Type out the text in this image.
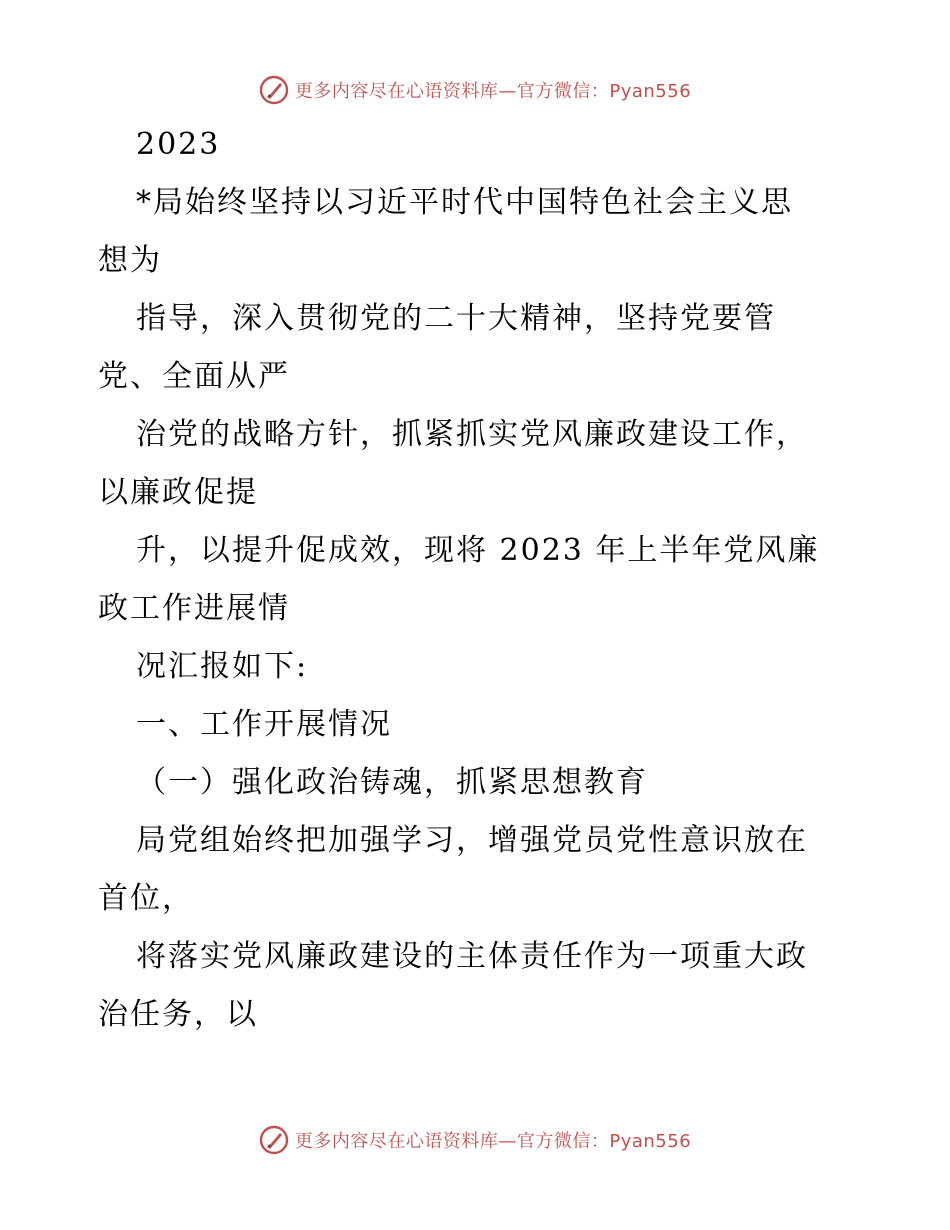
更多内容尽在心语资料库—官方微信：Pyan556
2023
*局始终坚持以习近平时代中国特色社会主义思
想为
指导，深入贯彻党的二十大精神，坚持党要管
党、全面从严
治党的战略方针，抓紧抓实党风廉政建设工作，
以廉政促提
升，以提升促成效，现将 2023 年上半年党风廉
政工作进展情
况汇报如下:
一、工作开展情况
（一）强化政治铸魂，抓紧思想教育
局党组始终把加强学习，增强党员党性意识放在
首位，
将落实党风廉政建设的主体责任作为一项重大政
治任务，以
更多内容尽在心语资料库—官方微信：Pyan556
